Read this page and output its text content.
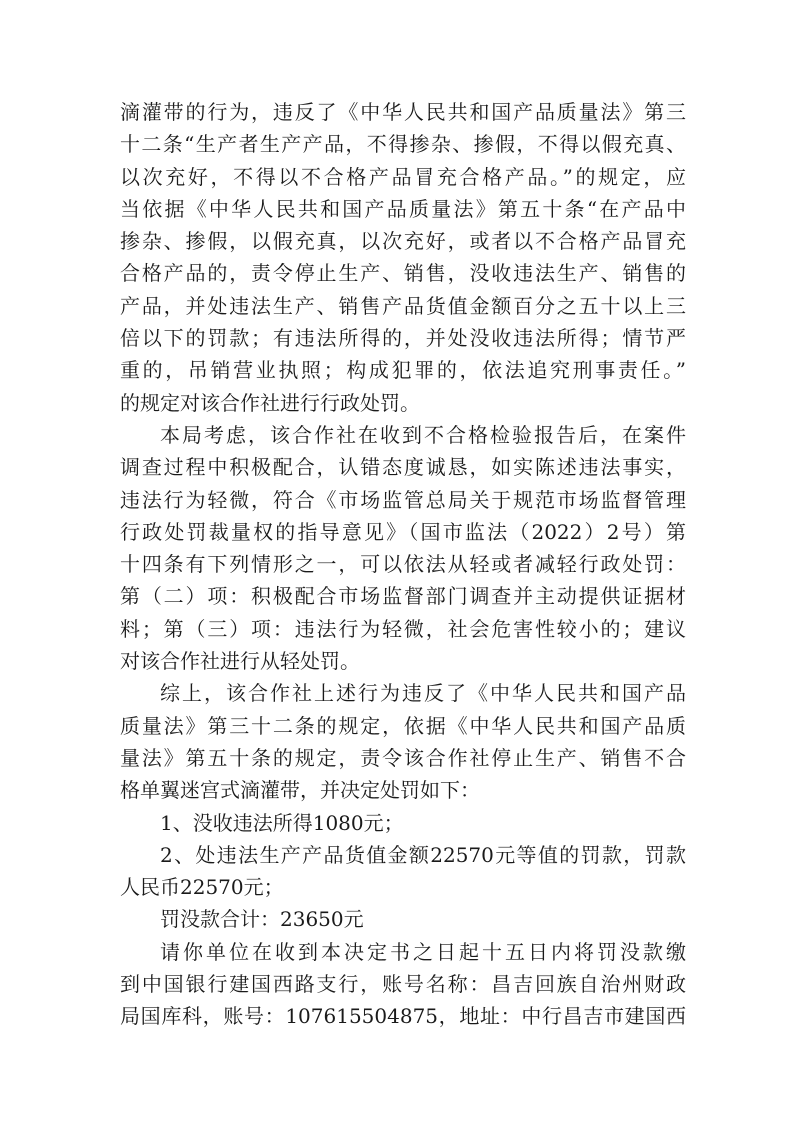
滴灌带的行为，违反了《中华人民共和国产品质量法》第三
十二条“生产者生产产品，不得掺杂、掺假，不得以假充真、
以次充好，不得以不合格产品冒充合格产品。”的规定，应
当依据《中华人民共和国产品质量法》第五十条“在产品中
掺杂、掺假，以假充真，以次充好，或者以不合格产品冒充
合格产品的，责令停止生产、销售，没收违法生产、销售的
产品，并处违法生产、销售产品货值金额百分之五十以上三
倍以下的罚款；有违法所得的，并处没收违法所得；情节严
重的，吊销营业执照；构成犯罪的，依法追究刑事责任。”
的规定对该合作社进行行政处罚。
本局考虑，该合作社在收到不合格检验报告后，在案件
调查过程中积极配合，认错态度诚恳，如实陈述违法事实，
违法行为轻微，符合《市场监管总局关于规范市场监督管理
行政处罚裁量权的指导意见》（国市监法（2022）2号）第
十四条有下列情形之一，可以依法从轻或者减轻行政处罚：
第（二）项：积极配合市场监督部门调查并主动提供证据材
料；第（三）项：违法行为轻微，社会危害性较小的；建议
对该合作社进行从轻处罚。
综上，该合作社上述行为违反了《中华人民共和国产品
质量法》第三十二条的规定，依据《中华人民共和国产品质
量法》第五十条的规定，责令该合作社停止生产、销售不合
格单翼迷宫式滴灌带，并决定处罚如下：
1、没收违法所得1080元；
2、处违法生产产品货值金额22570元等值的罚款，罚款
人民币22570元；
罚没款合计：23650元
请你单位在收到本决定书之日起十五日内将罚没款缴
到中国银行建国西路支行，账号名称：昌吉回族自治州财政
局国库科，账号：107615504875，地址：中行昌吉市建国西
